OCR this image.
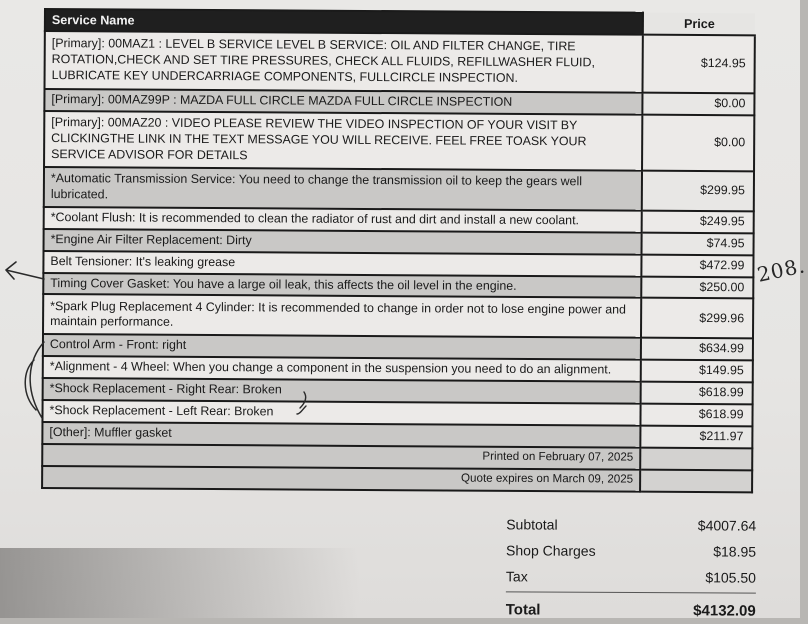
Service Name	Price
[Primary]: 00MAZ1 : LEVEL B SERVICE LEVEL B SERVICE: OIL AND FILTER CHANGE, TIRE ROTATION,CHECK AND SET TIRE PRESSURES, CHECK ALL FLUIDS, REFILLWASHER FLUID, LUBRICATE KEY UNDERCARRIAGE COMPONENTS, FULLCIRCLE INSPECTION.	$124.95
[Primary]: 00MAZ99P : MAZDA FULL CIRCLE MAZDA FULL CIRCLE INSPECTION	$0.00
[Primary]: 00MAZ20 : VIDEO PLEASE REVIEW THE VIDEO INSPECTION OF YOUR VISIT BY CLICKINGTHE LINK IN THE TEXT MESSAGE YOU WILL RECEIVE. FEEL FREE TOASK YOUR SERVICE ADVISOR FOR DETAILS	$0.00
*Automatic Transmission Service: You need to change the transmission oil to keep the gears well lubricated.	$299.95
*Coolant Flush: It is recommended to clean the radiator of rust and dirt and install a new coolant.	$249.95
*Engine Air Filter Replacement: Dirty	$74.95
Belt Tensioner: It's leaking grease	$472.99
Timing Cover Gasket: You have a large oil leak, this affects the oil level in the engine.	$250.00
*Spark Plug Replacement 4 Cylinder: It is recommended to change in order not to lose engine power and maintain performance.	$299.96
Control Arm - Front: right	$634.99
*Alignment - 4 Wheel: When you change a component in the suspension you need to do an alignment.	$149.95
*Shock Replacement - Right Rear: Broken	$618.99
*Shock Replacement - Left Rear: Broken	$618.99
[Other]: Muffler gasket	$211.97
Printed on February 07, 2025	
Quote expires on March 09, 2025	
Subtotal	$4007.64
Shop Charges	$18.95
Tax	$105.50
Total	$4132.09
208.
